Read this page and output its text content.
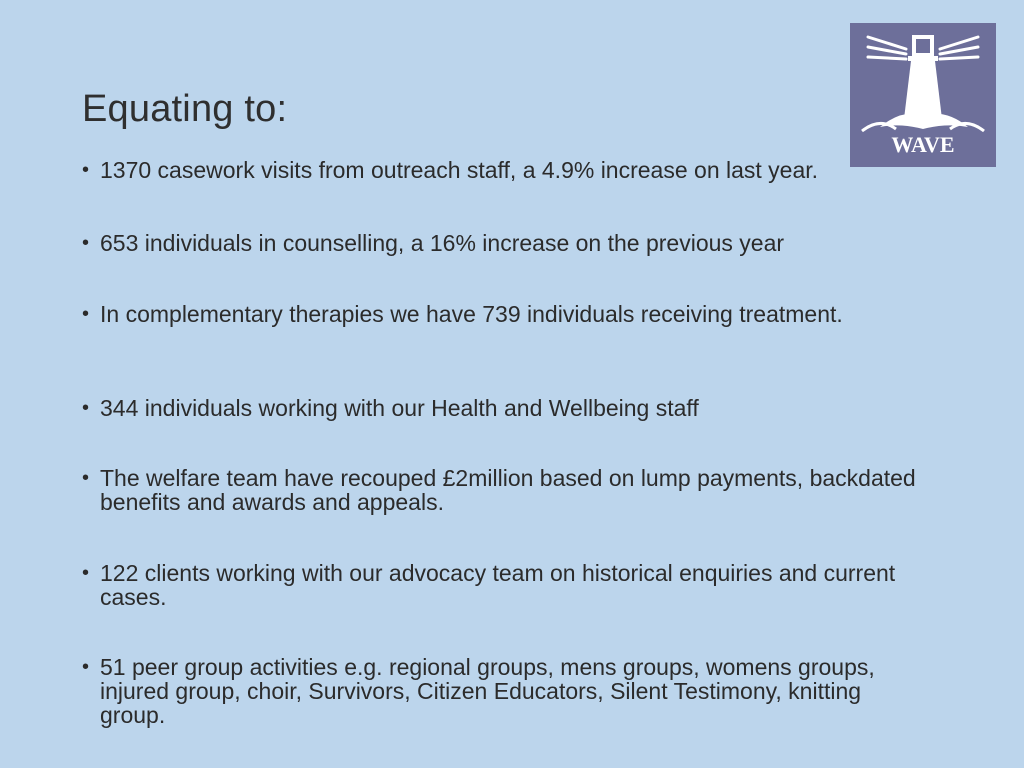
Equating to:
WAVE
• 1370 casework visits from outreach staff, a 4.9% increase on last year.
• 653 individuals in counselling, a 16% increase on the previous year
• In complementary therapies we have 739 individuals receiving treatment.
• 344 individuals working with our Health and Wellbeing staff
• The welfare team have recouped £2million based on lump payments, backdated benefits and awards and appeals.
• 122 clients working with our advocacy team on historical enquiries and current cases.
• 51 peer group activities e.g. regional groups, mens groups, womens groups, injured group, choir, Survivors, Citizen Educators, Silent Testimony, knitting group.
